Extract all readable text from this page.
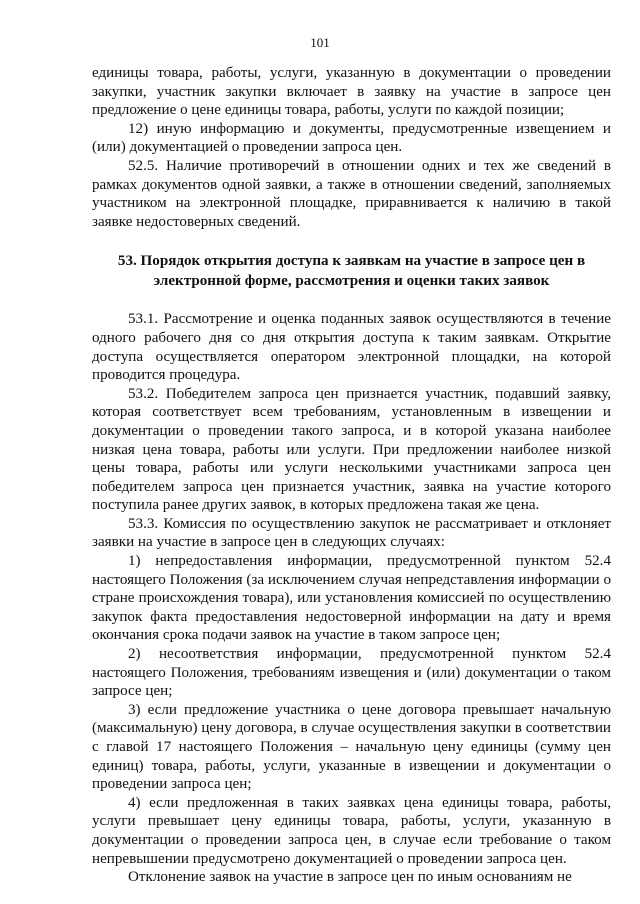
101

единицы товара, работы, услуги, указанную в документации о проведении закупки, участник закупки включает в заявку на участие в запросе цен предложение о цене единицы товара, работы, услуги по каждой позиции;

12) иную информацию и документы, предусмотренные извещением и (или) документацией о проведении запроса цен.

52.5. Наличие противоречий в отношении одних и тех же сведений в рамках документов одной заявки, а также в отношении сведений, заполняемых участником на электронной площадке, приравнивается к наличию в такой заявке недостоверных сведений.

53. Порядок открытия доступа к заявкам на участие в запросе цен в
электронной форме, рассмотрения и оценки таких заявок

53.1. Рассмотрение и оценка поданных заявок осуществляются в течение одного рабочего дня со дня открытия доступа к таким заявкам. Открытие доступа осуществляется оператором электронной площадки, на которой проводится процедура.

53.2. Победителем запроса цен признается участник, подавший заявку, которая соответствует всем требованиям, установленным в извещении и документации о проведении такого запроса, и в которой указана наиболее низкая цена товара, работы или услуги. При предложении наиболее низкой цены товара, работы или услуги несколькими участниками запроса цен победителем запроса цен признается участник, заявка на участие которого поступила ранее других заявок, в которых предложена такая же цена.

53.3. Комиссия по осуществлению закупок не рассматривает и отклоняет заявки на участие в запросе цен в следующих случаях:

1) непредоставления информации, предусмотренной пунктом 52.4 настоящего Положения (за исключением случая непредставления информации о стране происхождения товара), или установления комиссией по осуществлению закупок факта предоставления недостоверной информации на дату и время окончания срока подачи заявок на участие в таком запросе цен;

2) несоответствия информации, предусмотренной пунктом 52.4 настоящего Положения, требованиям извещения и (или) документации о таком запросе цен;

3) если предложение участника о цене договора превышает начальную (максимальную) цену договора, в случае осуществления закупки в соответствии с главой 17 настоящего Положения – начальную цену единицы (сумму цен единиц) товара, работы, услуги, указанные в извещении и документации о проведении запроса цен;

4) если предложенная в таких заявках цена единицы товара, работы, услуги превышает цену единицы товара, работы, услуги, указанную в документации о проведении запроса цен, в случае если требование о таком непревышении предусмотрено документацией о проведении запроса цен.

Отклонение заявок на участие в запросе цен по иным основаниям не
